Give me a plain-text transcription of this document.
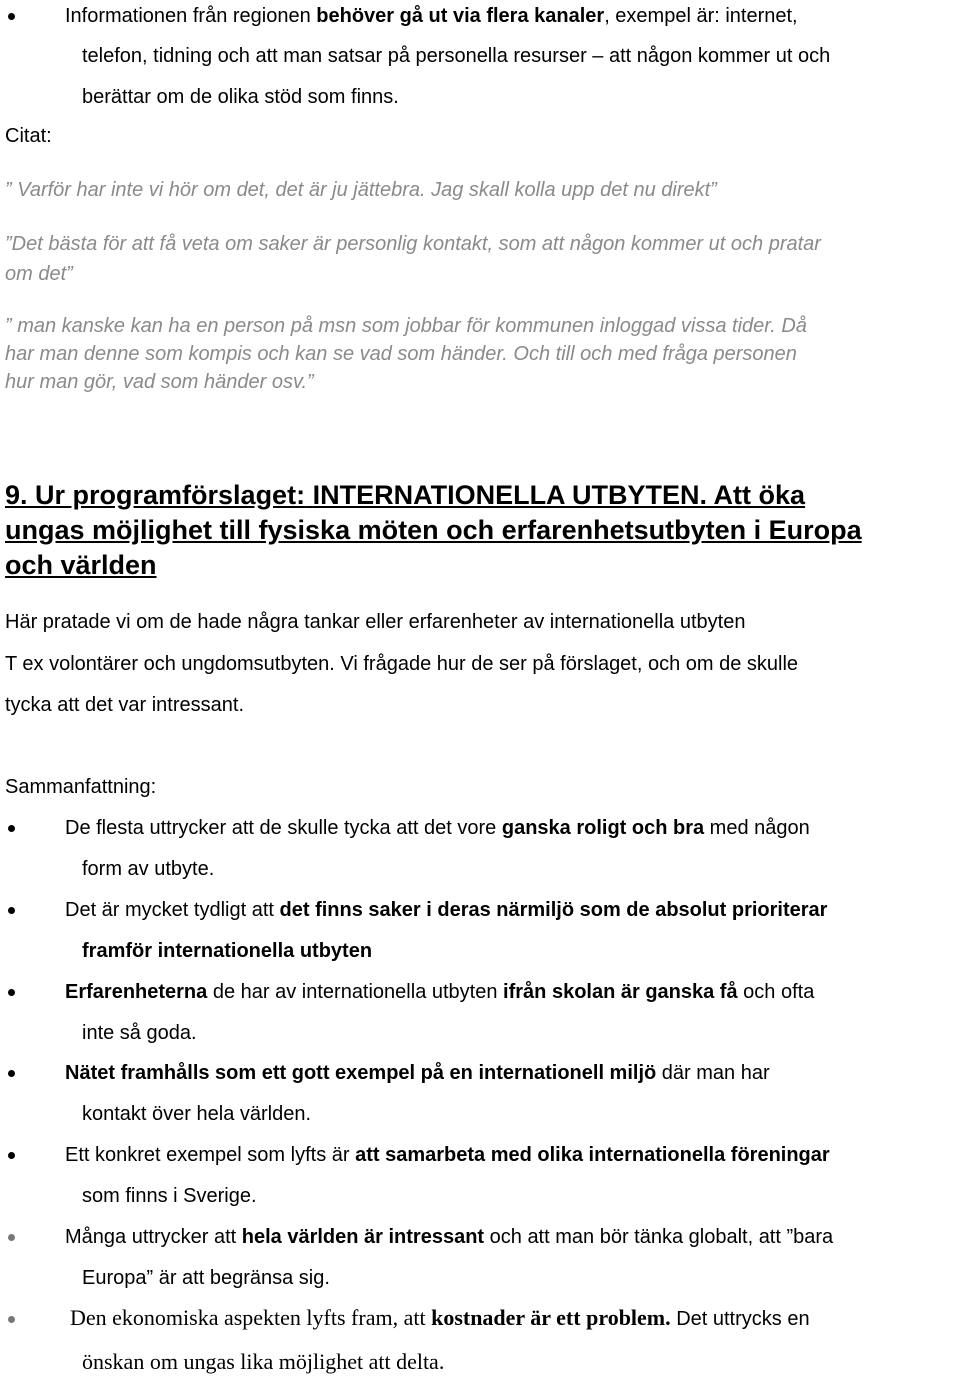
Informationen från regionen behöver gå ut via flera kanaler, exempel är: internet,
telefon, tidning och att man satsar på personella resurser – att någon kommer ut och
berättar om de olika stöd som finns.
Citat:
” Varför har inte vi hör om det, det är ju jättebra. Jag skall kolla upp det nu direkt”
”Det bästa för att få veta om saker är personlig kontakt, som att någon kommer ut och pratar
om det”
” man kanske kan ha en person på msn som jobbar för kommunen inloggad vissa tider. Då
har man denne som kompis och kan se vad som händer. Och till och med fråga personen
hur man gör, vad som händer osv.”
9. Ur programförslaget: INTERNATIONELLA UTBYTEN. Att öka
ungas möjlighet till fysiska möten och erfarenhetsutbyten i Europa
och världen
Här pratade vi om de hade några tankar eller erfarenheter av internationella utbyten
T ex volontärer och ungdomsutbyten. Vi frågade hur de ser på förslaget, och om de skulle
tycka att det var intressant.
Sammanfattning:
De flesta uttrycker att de skulle tycka att det vore ganska roligt och bra med någon
form av utbyte.
Det är mycket tydligt att det finns saker i deras närmiljö som de absolut prioriterar
framför internationella utbyten
Erfarenheterna de har av internationella utbyten ifrån skolan är ganska få och ofta
inte så goda.
Nätet framhålls som ett gott exempel på en internationell miljö där man har
kontakt över hela världen.
Ett konkret exempel som lyfts är att samarbeta med olika internationella föreningar
som finns i Sverige.
Många uttrycker att hela världen är intressant och att man bör tänka globalt, att ”bara
Europa” är att begränsa sig.
Den ekonomiska aspekten lyfts fram, att kostnader är ett problem. Det uttrycks en
önskan om ungas lika möjlighet att delta.
